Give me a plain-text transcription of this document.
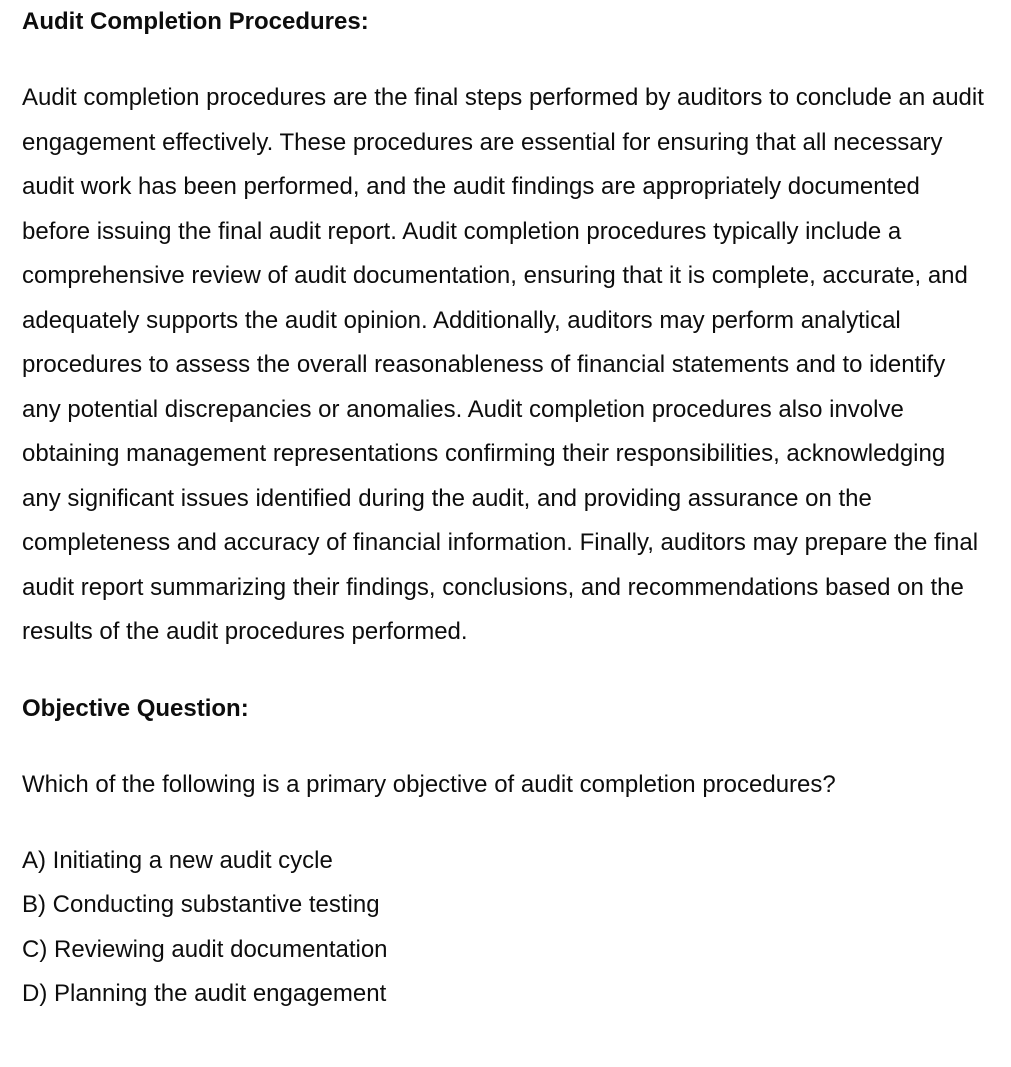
Audit Completion Procedures:

Audit completion procedures are the final steps performed by auditors to conclude an audit engagement effectively. These procedures are essential for ensuring that all necessary audit work has been performed, and the audit findings are appropriately documented before issuing the final audit report. Audit completion procedures typically include a comprehensive review of audit documentation, ensuring that it is complete, accurate, and adequately supports the audit opinion. Additionally, auditors may perform analytical procedures to assess the overall reasonableness of financial statements and to identify any potential discrepancies or anomalies. Audit completion procedures also involve obtaining management representations confirming their responsibilities, acknowledging any significant issues identified during the audit, and providing assurance on the completeness and accuracy of financial information. Finally, auditors may prepare the final audit report summarizing their findings, conclusions, and recommendations based on the results of the audit procedures performed.

Objective Question:

Which of the following is a primary objective of audit completion procedures?

A) Initiating a new audit cycle
B) Conducting substantive testing
C) Reviewing audit documentation
D) Planning the audit engagement
